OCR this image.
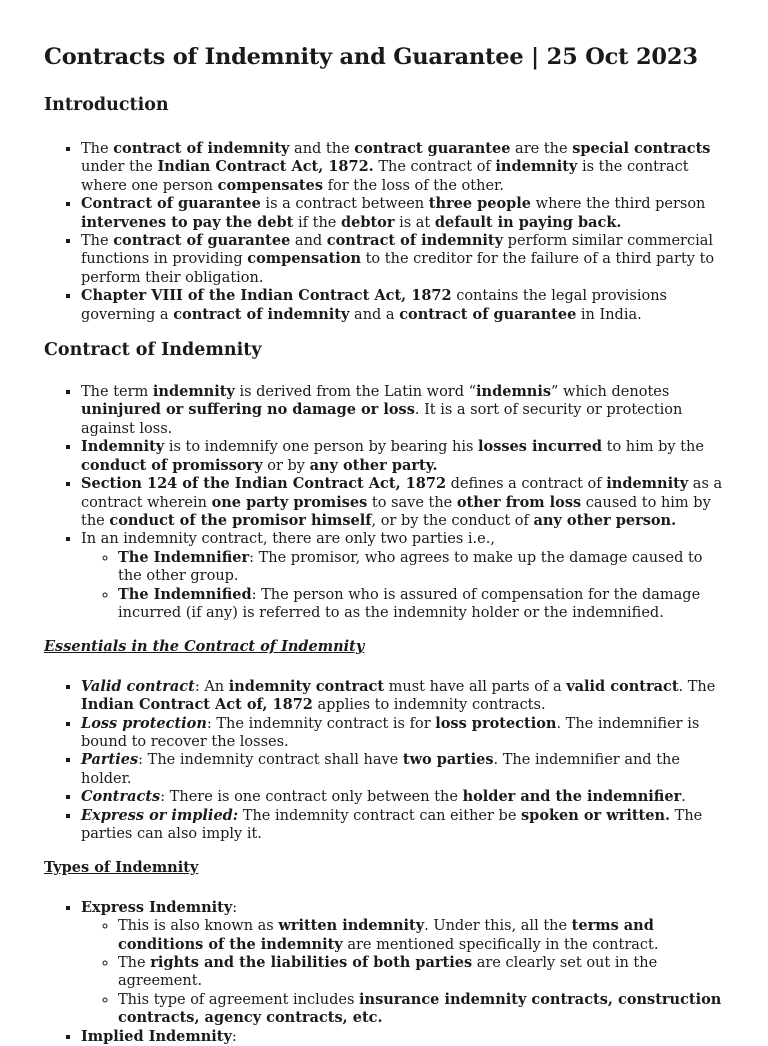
Contracts of Indemnity and Guarantee | 25 Oct 2023
Introduction
▪ The contract of indemnity and the contract guarantee are the special contracts under the Indian Contract Act, 1872. The contract of indemnity is the contract where one person compensates for the loss of the other.
▪ Contract of guarantee is a contract between three people where the third person intervenes to pay the debt if the debtor is at default in paying back.
▪ The contract of guarantee and contract of indemnity perform similar commercial functions in providing compensation to the creditor for the failure of a third party to perform their obligation.
▪ Chapter VIII of the Indian Contract Act, 1872 contains the legal provisions governing a contract of indemnity and a contract of guarantee in India.
Contract of Indemnity
▪ The term indemnity is derived from the Latin word “indemnis” which denotes uninjured or suffering no damage or loss. It is a sort of security or protection against loss.
▪ Indemnity is to indemnify one person by bearing his losses incurred to him by the conduct of promissory or by any other party.
▪ Section 124 of the Indian Contract Act, 1872 defines a contract of indemnity as a contract wherein one party promises to save the other from loss caused to him by the conduct of the promisor himself, or by the conduct of any other person.
▪ In an indemnity contract, there are only two parties i.e.,
◦ The Indemnifier: The promisor, who agrees to make up the damage caused to the other group.
◦ The Indemnified: The person who is assured of compensation for the damage incurred (if any) is referred to as the indemnity holder or the indemnified.
Essentials in the Contract of Indemnity
▪ Valid contract: An indemnity contract must have all parts of a valid contract. The Indian Contract Act of, 1872 applies to indemnity contracts.
▪ Loss protection: The indemnity contract is for loss protection. The indemnifier is bound to recover the losses.
▪ Parties: The indemnity contract shall have two parties. The indemnifier and the holder.
▪ Contracts: There is one contract only between the holder and the indemnifier.
▪ Express or implied: The indemnity contract can either be spoken or written. The parties can also imply it.
Types of Indemnity
▪ Express Indemnity:
◦ This is also known as written indemnity. Under this, all the terms and conditions of the indemnity are mentioned specifically in the contract.
◦ The rights and the liabilities of both parties are clearly set out in the agreement.
◦ This type of agreement includes insurance indemnity contracts, construction contracts, agency contracts, etc.
▪ Implied Indemnity:
